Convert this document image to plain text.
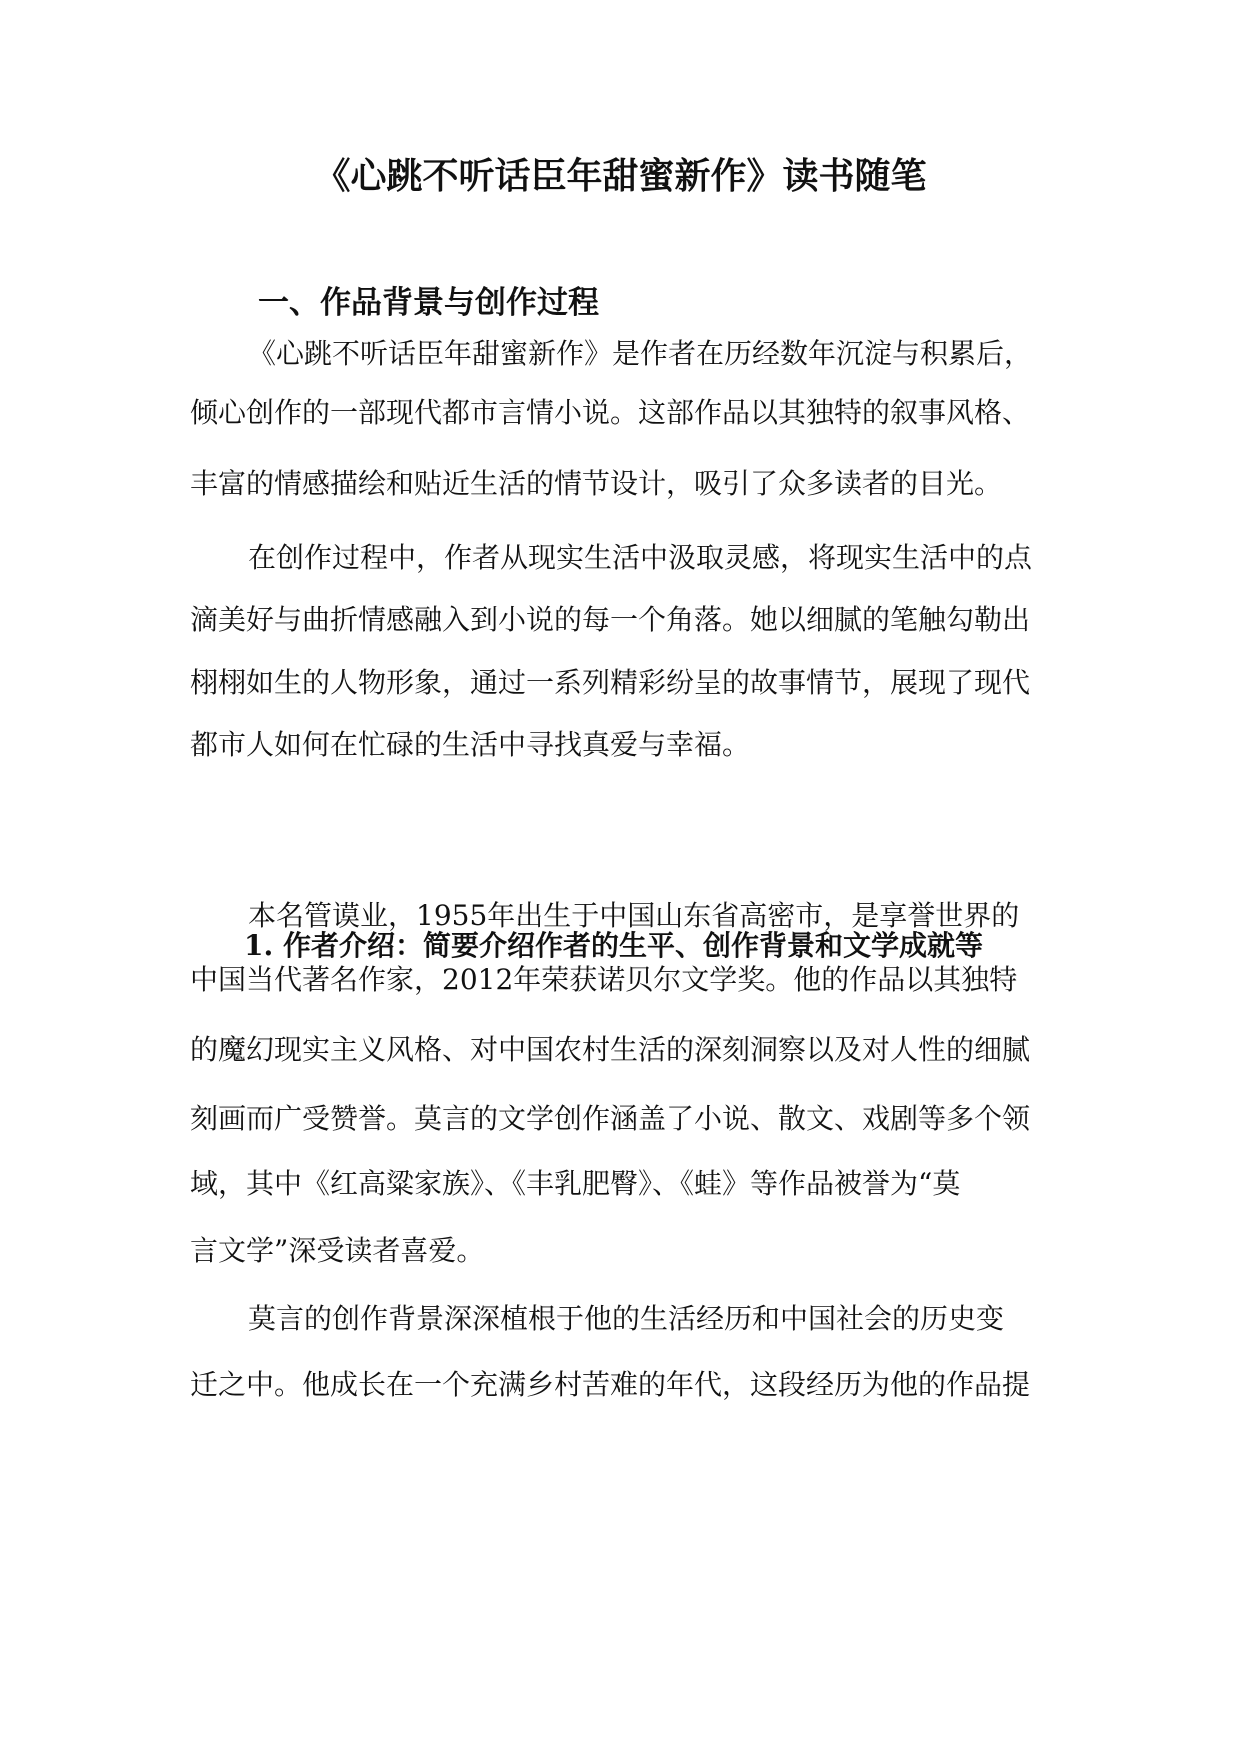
《心跳不听话臣年甜蜜新作》读书随笔
一、作品背景与创作过程

《心跳不听话臣年甜蜜新作》是作者在历经数年沉淀与积累后，

倾心创作的一部现代都市言情小说。这部作品以其独特的叙事风格、

丰富的情感描绘和贴近生活的情节设计，吸引了众多读者的目光。

在创作过程中，作者从现实生活中汲取灵感，将现实生活中的点

滴美好与曲折情感融入到小说的每一个角落。她以细腻的笔触勾勒出

栩栩如生的人物形象，通过一系列精彩纷呈的故事情节，展现了现代

都市人如何在忙碌的生活中寻找真爱与幸福。

1. 作者介绍：简要介绍作者的生平、创作背景和文学成就等

本名管谟业，1955年出生于中国山东省高密市，是享誉世界的

中国当代著名作家，2012年荣获诺贝尔文学奖。他的作品以其独特

的魔幻现实主义风格、对中国农村生活的深刻洞察以及对人性的细腻

刻画而广受赞誉。莫言的文学创作涵盖了小说、散文、戏剧等多个领

域，其中《红高粱家族》、《丰乳肥臀》、《蛙》等作品被誉为“莫

言文学”深受读者喜爱。

莫言的创作背景深深植根于他的生活经历和中国社会的历史变

迁之中。他成长在一个充满乡村苦难的年代，这段经历为他的作品提
